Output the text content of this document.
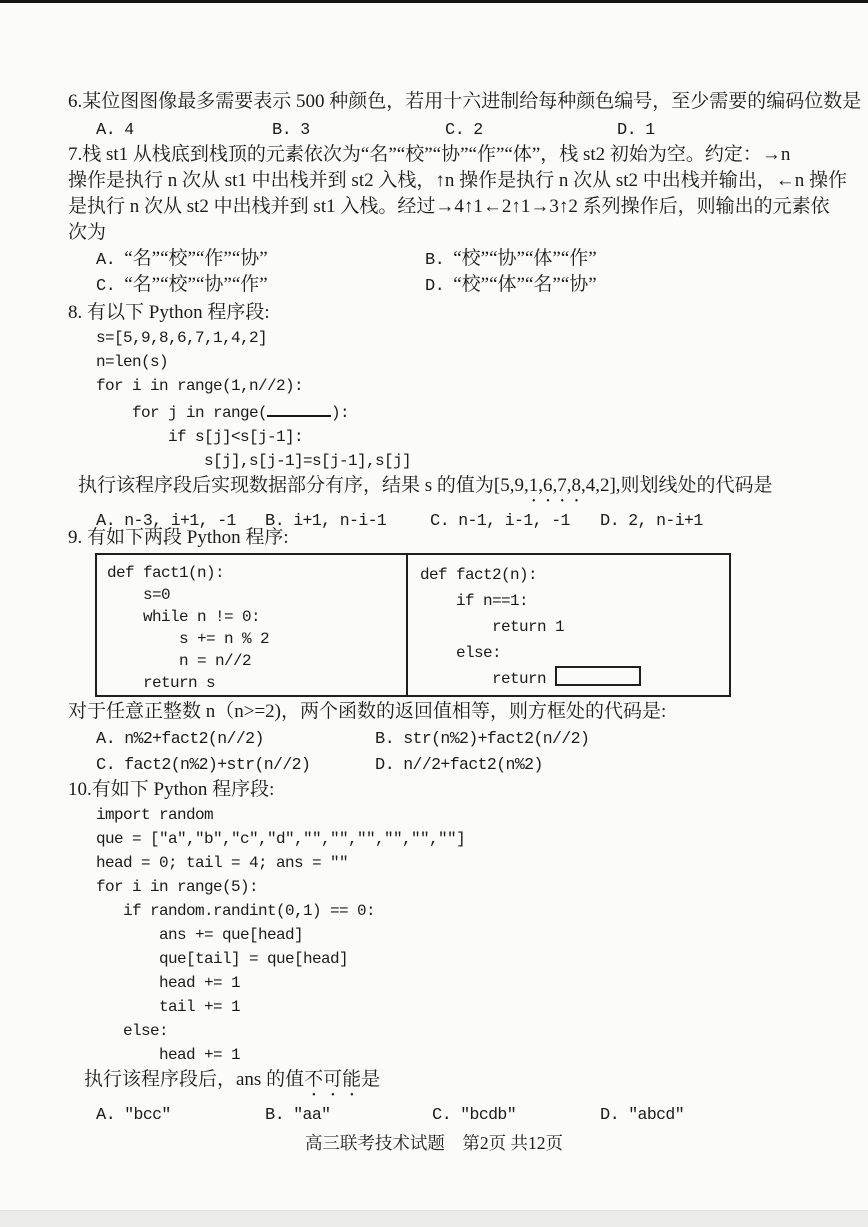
6.某位图图像最多需要表示 500 种颜色，若用十六进制给每种颜色编号，至少需要的编码位数是
A. 4	B. 3	C. 2	D. 1
7.栈 st1 从栈底到栈顶的元素依次为“名”“校”“协”“作”“体”，栈 st2 初始为空。约定：→n
操作是执行 n 次从 st1 中出栈并到 st2 入栈，↑n 操作是执行 n 次从 st2 中出栈并输出，←n 操作
是执行 n 次从 st2 中出栈并到 st1 入栈。经过→4↑1←2↑1→3↑2 系列操作后，则输出的元素依
次为
A. “名”“校”“作”“协”	B. “校”“协”“体”“作”
C. “名”“校”“协”“作”	D. “校”“体”“名”“协”
8. 有以下 Python 程序段:
s=[5,9,8,6,7,1,4,2]
n=len(s)
for i in range(1,n//2):
for j in range(	):
if s[j]<s[j-1]:
s[j],s[j-1]=s[j-1],s[j]
执行该程序段后实现数据部分有序，结果 s 的值为[5,9,1,6,7,8,4,2],则划线处的代码是
A. n-3, i+1, -1 B. i+1, n-i-1	C. n-1, i-1, -1 D. 2, n-i+1
9. 有如下两段 Python 程序:
def fact1(n):
s=0
while n != 0:
s += n % 2
n = n//2
return s
def fact2(n):
if n==1:
return 1
else:
return
对于任意正整数 n（n>=2)，两个函数的返回值相等，则方框处的代码是:
A. n%2+fact2(n//2)	B. str(n%2)+fact2(n//2)
C. fact2(n%2)+str(n//2)	D. n//2+fact2(n%2)
10.有如下 Python 程序段:
import random
que = ["a","b","c","d","","","","","",""]
head = 0; tail = 4; ans = ""
for i in range(5):
if random.randint(0,1) == 0:
ans += que[head]
que[tail] = que[head]
head += 1
tail += 1
else:
head += 1
执行该程序段后，ans 的值不可能是
A. "bcc"	B. "aa"	C. "bcdb"	D. "abcd"
高三联考技术试题　第2页 共12页
